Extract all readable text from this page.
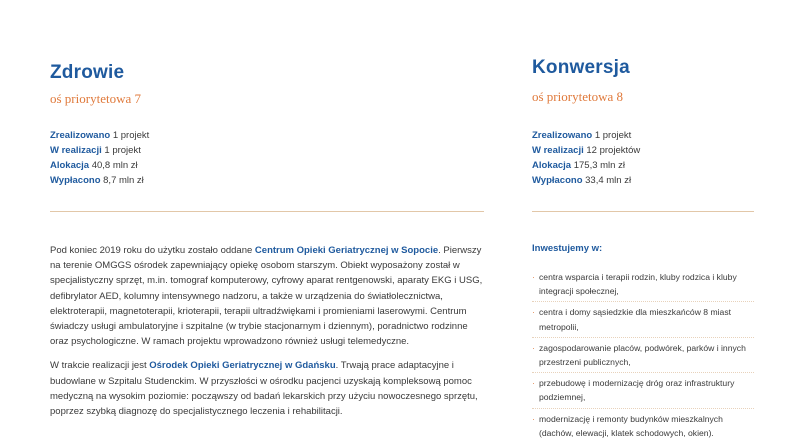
Zdrowie
oś priorytetowa 7
Zrealizowano 1 projekt
W realizacji 1 projekt
Alokacja 40,8 mln zł
Wypłacono 8,7 mln zł
Konwersja
oś priorytetowa 8
Zrealizowano 1 projekt
W realizacji 12 projektów
Alokacja 175,3 mln zł
Wypłacono 33,4 mln zł

Pod koniec 2019 roku do użytku zostało oddane Centrum Opieki Geriatrycznej w Sopocie. Pierwszy na terenie OMGGS ośrodek zapewniający opiekę osobom starszym. Obiekt wyposażony został w specjalistyczny sprzęt, m.in. tomograf komputerowy, cyfrowy aparat rentgenowski, aparaty EKG i USG, defibrylator AED, kolumny intensywnego nadzoru, a także w urządzenia do światłolecznictwa, elektroterapii, magnetoterapii, krioterapii, terapii ultradźwiękami i promieniami laserowymi. Centrum świadczy usługi ambulatoryjne i szpitalne (w trybie stacjonarnym i dziennym), poradnictwo rodzinne oraz psychologiczne. W ramach projektu wprowadzono również usługi telemedyczne.

W trakcie realizacji jest Ośrodek Opieki Geriatrycznej w Gdańsku. Trwają prace adaptacyjne i budowlane w Szpitalu Studenckim. W przyszłości w ośrodku pacjenci uzyskają kompleksową pomoc medyczną na wysokim poziomie: począwszy od badań lekarskich przy użyciu nowoczesnego sprzętu, poprzez szybką diagnozę do specjalistycznego leczenia i rehabilitacji.

Inwestujemy w:
· centra wsparcia i terapii rodzin, kluby rodzica i kluby integracji społecznej,
· centra i domy sąsiedzkie dla mieszkańców 8 miast metropolii,
· zagospodarowanie placów, podwórek, parków i innych przestrzeni publicznych,
· przebudowę i modernizację dróg oraz infrastruktury podziemnej,
· modernizację i remonty budynków mieszkalnych (dachów, elewacji, klatek schodowych, okien).
